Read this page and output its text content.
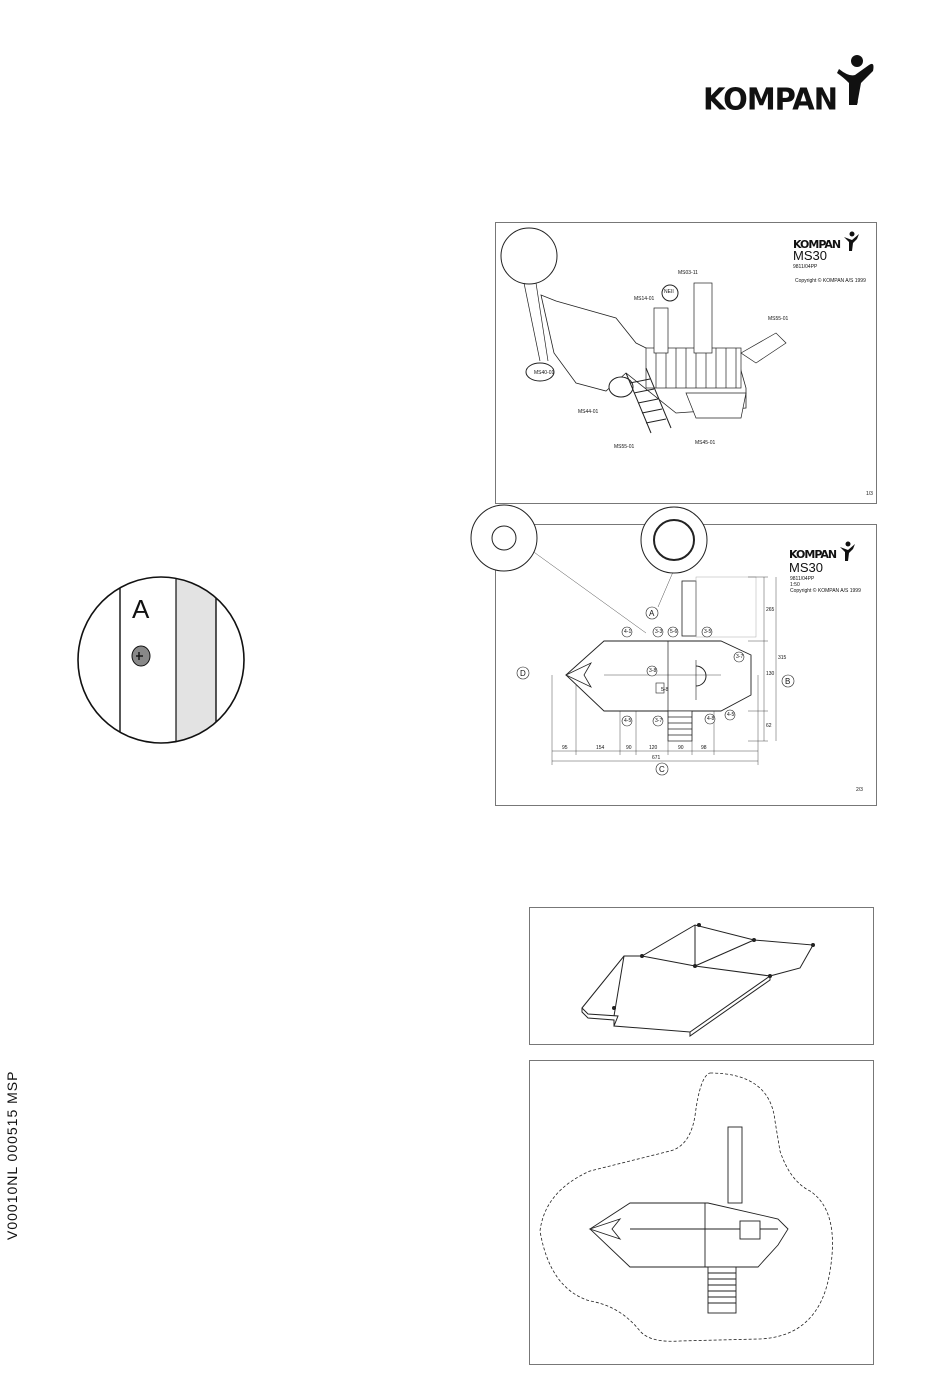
KOMPAN ®
V00010NL 000515 MSP
KOMPAN
MS30
9811/04PP
Copyright © KOMPAN A/S 1999
1/3
MS03-11
NEII
MS14-01
MS55-01
MS40-01
MS44-01
MS55-01
MS45-01
KOMPAN
MS30
9811/04PP
1:50
Copyright © KOMPAN A/S 1999
2/3
4-1	3-3 5-6	3-5
3-7
3-8
4-5	3-7	4-8
4-5
5-8
A
D
B
C
95	154	90	120	90	98
671
265
130
62
315
A
